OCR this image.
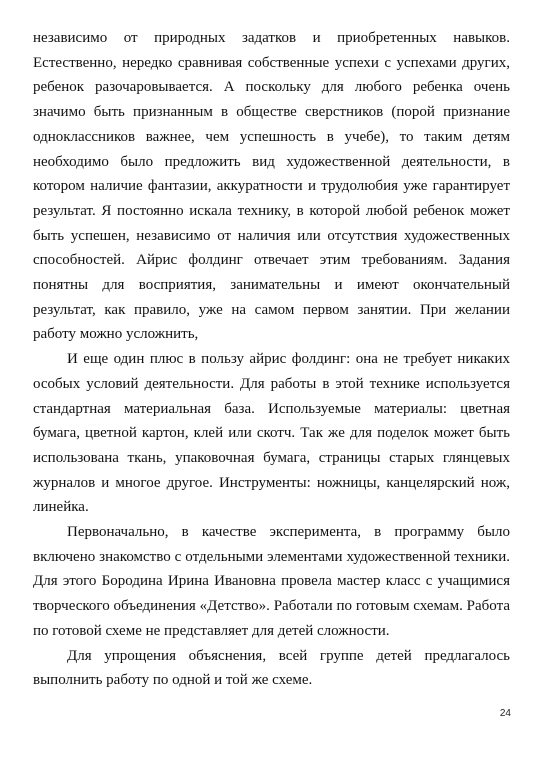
независимо от природных задатков и приобретенных навыков. Естественно, нередко сравнивая собственные успехи с успехами других, ребенок разочаровывается. А поскольку для любого ребенка очень значимо быть признанным в обществе сверстников (порой признание одноклассников важнее, чем успешность в учебе), то таким детям необходимо было предложить вид художественной деятельности, в котором наличие фантазии, аккуратности и трудолюбия уже гарантирует результат. Я постоянно искала технику, в которой любой ребенок может быть успешен, независимо от наличия или отсутствия художественных способностей. Айрис фолдинг отвечает этим требованиям. Задания понятны для восприятия, занимательны и имеют окончательный результат, как правило, уже на самом первом занятии. При желании работу можно усложнить,

И еще один плюс в пользу айрис фолдинг: она не требует никаких особых условий деятельности. Для работы в этой технике используется стандартная материальная база. Используемые материалы: цветная бумага, цветной картон, клей или скотч. Так же для поделок может быть использована ткань, упаковочная бумага, страницы старых глянцевых журналов и многое другое. Инструменты: ножницы, канцелярский нож, линейка.

Первоначально, в качестве эксперимента, в программу было включено знакомство с отдельными элементами художественной техники. Для этого Бородина Ирина Ивановна провела мастер класс с учащимися творческого объединения «Детство». Работали по готовым схемам. Работа по готовой схеме не представляет для детей сложности.

Для упрощения объяснения, всей группе детей предлагалось выполнить работу по одной и той же схеме.

24
